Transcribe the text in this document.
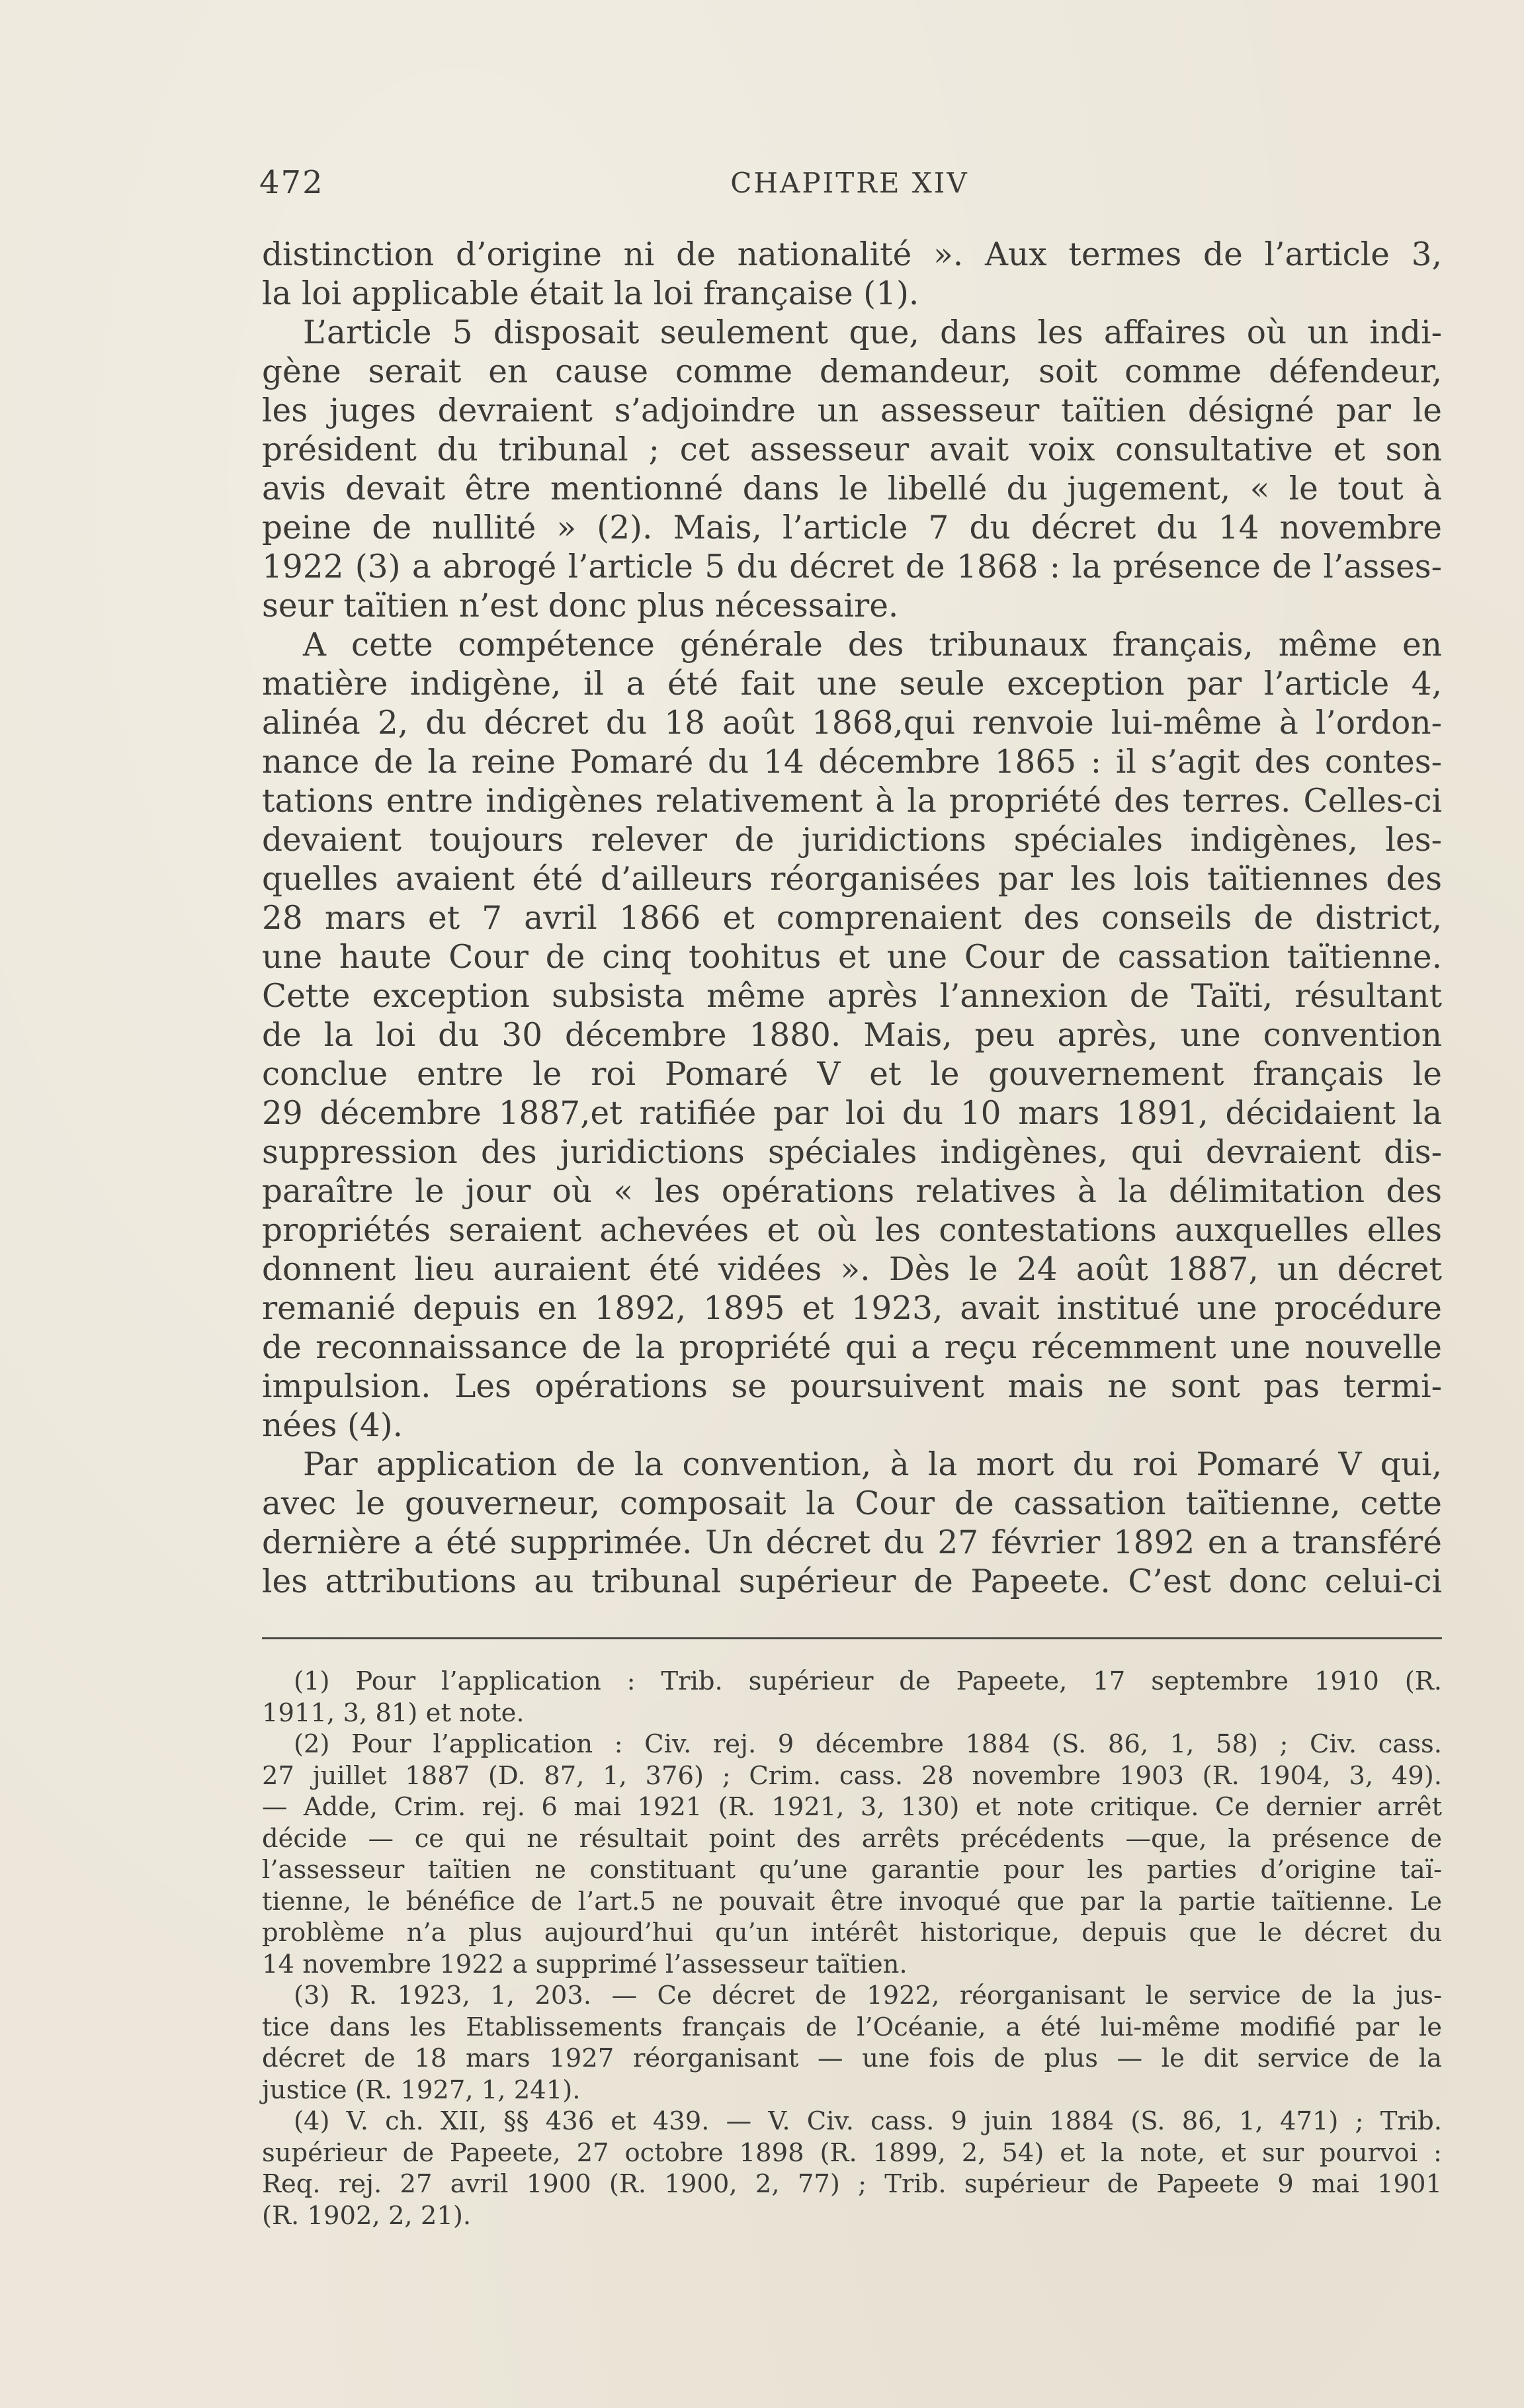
472	CHAPITRE XIV
distinction d’origine ni de nationalité ». Aux termes de l’article 3,
la loi applicable était la loi française (1).
L’article 5 disposait seulement que, dans les affaires où un indi-
gène serait en cause comme demandeur, soit comme défendeur,
les juges devraient s’adjoindre un assesseur taïtien désigné par le
président du tribunal ; cet assesseur avait voix consultative et son
avis devait être mentionné dans le libellé du jugement, « le tout à
peine de nullité » (2). Mais, l’article 7 du décret du 14 novembre
1922 (3) a abrogé l’article 5 du décret de 1868 : la présence de l’asses-
seur taïtien n’est donc plus nécessaire.
A cette compétence générale des tribunaux français, même en
matière indigène, il a été fait une seule exception par l’article 4,
alinéa 2, du décret du 18 août 1868,qui renvoie lui-même à l’ordon-
nance de la reine Pomaré du 14 décembre 1865 : il s’agit des contes-
tations entre indigènes relativement à la propriété des terres. Celles-ci
devaient toujours relever de juridictions spéciales indigènes, les-
quelles avaient été d’ailleurs réorganisées par les lois taïtiennes des
28 mars et 7 avril 1866 et comprenaient des conseils de district,
une haute Cour de cinq toohitus et une Cour de cassation taïtienne.
Cette exception subsista même après l’annexion de Taïti, résultant
de la loi du 30 décembre 1880. Mais, peu après, une convention
conclue entre le roi Pomaré V et le gouvernement français le
29 décembre 1887,et ratifiée par loi du 10 mars 1891, décidaient la
suppression des juridictions spéciales indigènes, qui devraient dis-
paraître le jour où « les opérations relatives à la délimitation des
propriétés seraient achevées et où les contestations auxquelles elles
donnent lieu auraient été vidées ». Dès le 24 août 1887, un décret
remanié depuis en 1892, 1895 et 1923, avait institué une procédure
de reconnaissance de la propriété qui a reçu récemment une nouvelle
impulsion. Les opérations se poursuivent mais ne sont pas termi-
nées (4).
Par application de la convention, à la mort du roi Pomaré V qui,
avec le gouverneur, composait la Cour de cassation taïtienne, cette
dernière a été supprimée. Un décret du 27 février 1892 en a transféré
les attributions au tribunal supérieur de Papeete. C’est donc celui-ci
(1) Pour l’application : Trib. supérieur de Papeete, 17 septembre 1910 (R.
1911, 3, 81) et note.
(2) Pour l’application : Civ. rej. 9 décembre 1884 (S. 86, 1, 58) ; Civ. cass.
27 juillet 1887 (D. 87, 1, 376) ; Crim. cass. 28 novembre 1903 (R. 1904, 3, 49).
— Adde, Crim. rej. 6 mai 1921 (R. 1921, 3, 130) et note critique. Ce dernier arrêt
décide — ce qui ne résultait point des arrêts précédents —que, la présence de
l’assesseur taïtien ne constituant qu’une garantie pour les parties d’origine taï-
tienne, le bénéfice de l’art.5 ne pouvait être invoqué que par la partie taïtienne. Le
problème n’a plus aujourd’hui qu’un intérêt historique, depuis que le décret du
14 novembre 1922 a supprimé l’assesseur taïtien.
(3) R. 1923, 1, 203. — Ce décret de 1922, réorganisant le service de la jus-
tice dans les Etablissements français de l’Océanie, a été lui-même modifié par le
décret de 18 mars 1927 réorganisant — une fois de plus — le dit service de la
justice (R. 1927, 1, 241).
(4) V. ch. XII, §§ 436 et 439. — V. Civ. cass. 9 juin 1884 (S. 86, 1, 471) ; Trib.
supérieur de Papeete, 27 octobre 1898 (R. 1899, 2, 54) et la note, et sur pourvoi :
Req. rej. 27 avril 1900 (R. 1900, 2, 77) ; Trib. supérieur de Papeete 9 mai 1901
(R. 1902, 2, 21).
